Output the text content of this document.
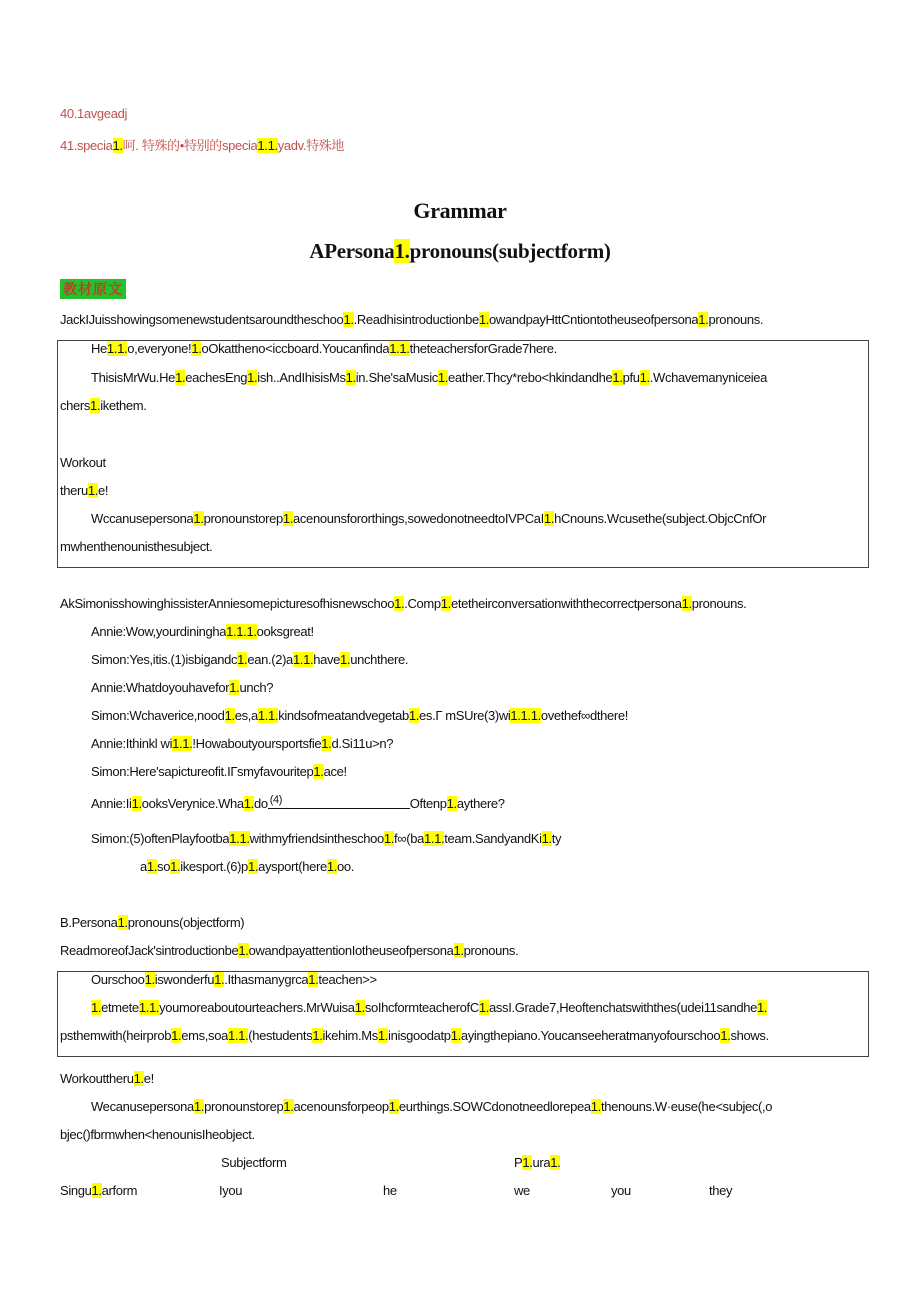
40.1avgeadj
41.specia1.呵. 特殊的•特别的specia1.1.yadv.特殊地
Grammar
APersona1.pronouns(subjectform)
教材原文
JackIJuisshowingsomenewstudentsaroundtheschoo1..Readhisintroductionbe1.owandpayHttCntiontotheuseofpersona1.pronouns.
He1.1.o,everyone!1.oOkattheno<iccboard.Youcanfinda1.1.theteachersforGrade7here.
ThisisMrWu.He1.eachesEng1.ish..AndIhisisMs1.in.She'saMusic1.eather.Thcy*rebo<hkindandhe1.pfu1..Wchavemanyniceiea
chers1.ikethem.
Workout
theru1.e!
Wccanusepersona1.pronounstorep1.acenounsfororthings,sowedonotneedtoIVPCaI1.hCnouns.Wcusethe(subject.ObjcCnfOr
mwhenthenounisthesubject.
AkSimonisshowinghissisterAnniesomepicturesofhisnewschoo1..Comp1.etetheirconversationwiththecorrectpersona1.pronouns.
Annie:Wow,yourdiningha1.1.1.ooksgreat!
Simon:Yes,itis.(1)isbigandc1.ean.(2)a1.1.have1.unchthere.
Annie:Whatdoyouhavefor1.unch?
Simon:Wchaverice,nood1.es,a1.1.kindsofmeatandvegetab1.es.Г mSUre(3)wi1.1.1.ovethef∞dthere!
Annie:Ithinkl wi1.1.!Howaboutyoursportsfie1.d.Si11u>n?
Simon:Here'sapictureofit.IГsmyfavouritep1.ace!
Annie:Ii1.ooksVerynice.Wha1.do $^{(4)}$	Oftenp1.aythere?
Simon:(5)oftenPlayfootba1.1.withmyfriendsintheschoo1.f∞(ba1.1.team.SandyandKi1.ty
a1.so1.ikesport.(6)p1.aysport(here1.oo.
B.Persona1.pronouns(objectform)
ReadmoreofJack'sintroductionbe1.owandpayattentionIotheuseofpersona1.pronouns.
Ourschoo1.iswonderfu1..Ithasmanygrca1.teachen>>
1.etmete1.1.youmoreaboutourteachers.MrWuisa1.soIhcformteacherofC1.assI.Grade7,Heoftenchatswiththes(udei11sandhe1.
psthemwith(heirprob1.ems,soa1.1.(hestudents1.ikehim.Ms1.inisgoodatp1.ayingthepiano.Youcanseeheratmanyofourschoo1.shows.
Workouttheru1.e!
Wecanusepersona1.pronounstorep1.acenounsforpeop1.eurthings.SOWCdonotneedlorepea1.thenouns.W·euse(he<subjec(,o
bjec()fbrmwhen<henounisIheobject.
Subjectform	P1.ura1.
Singu1.arform	Iyou	he	we	you	they
